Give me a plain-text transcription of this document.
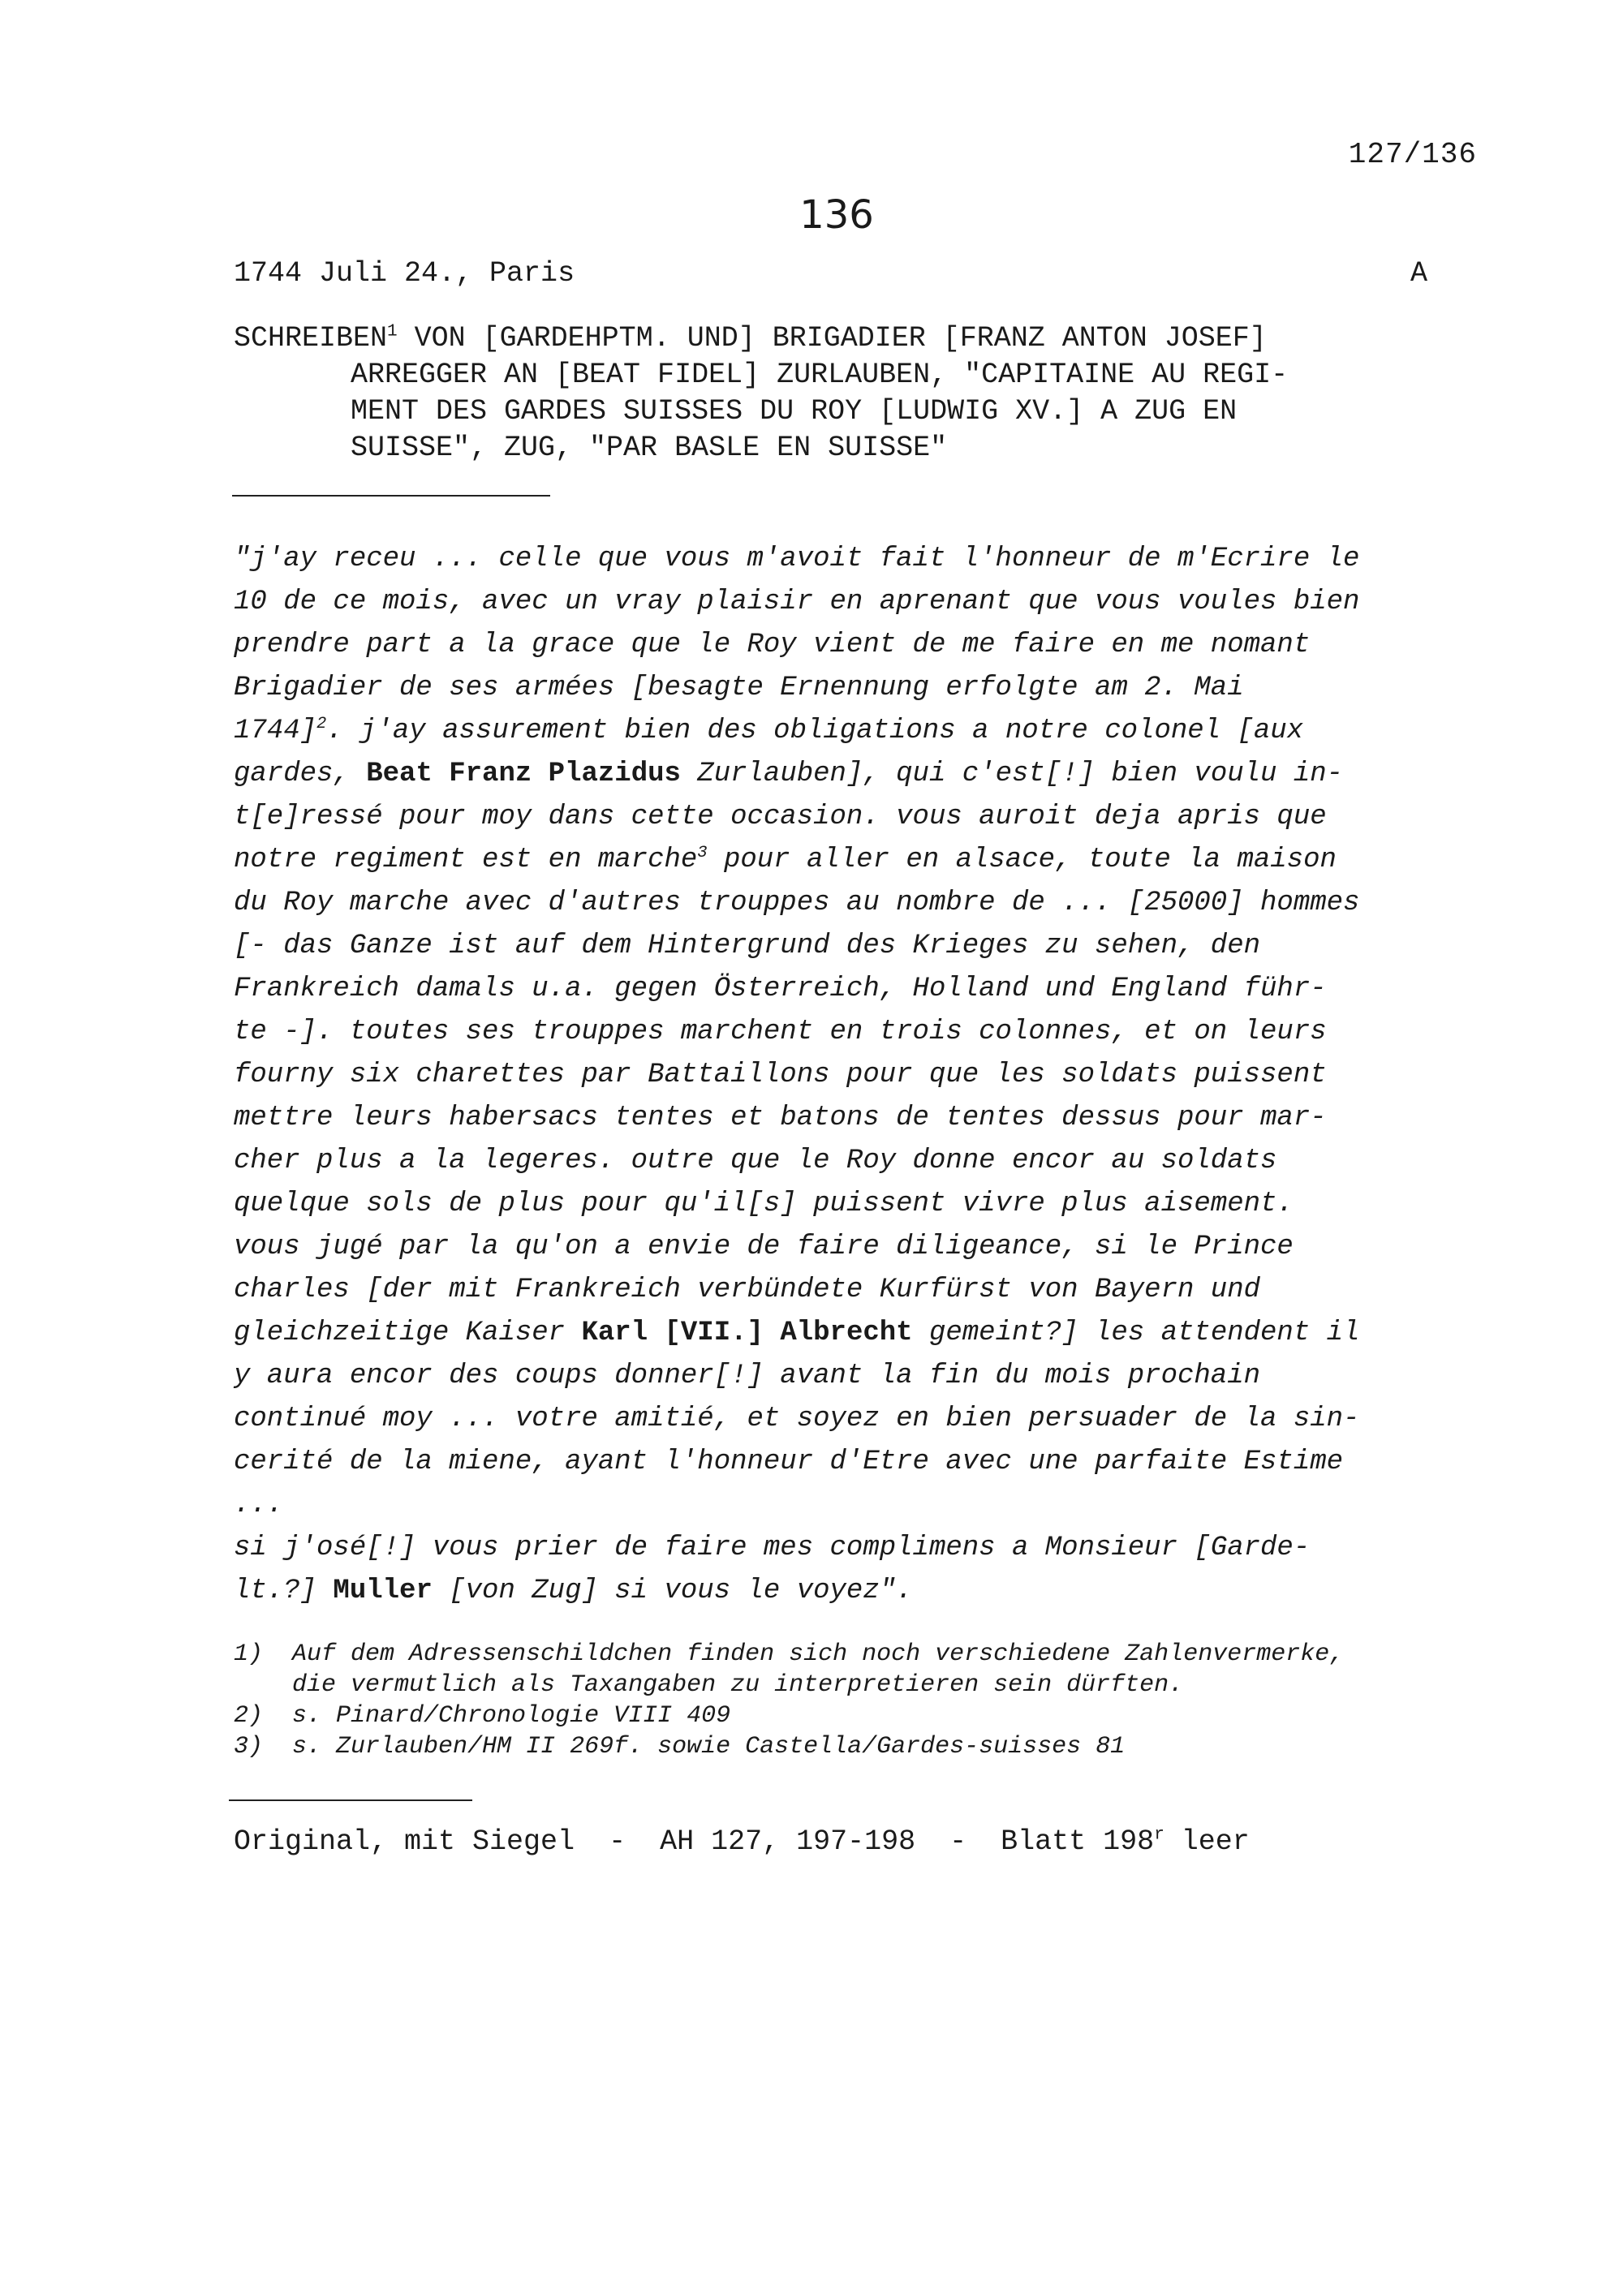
127/136
136
1744 Juli 24., Paris	A
SCHREIBEN$^1$ VON [GARDEHPTM. UND] BRIGADIER [FRANZ ANTON JOSEF]
ARREGGER AN [BEAT FIDEL] ZURLAUBEN, "CAPITAINE AU REGI-
MENT DES GARDES SUISSES DU ROY [LUDWIG XV.] A ZUG EN
SUISSE", ZUG, "PAR BASLE EN SUISSE"
"j'ay receu ... celle que vous m'avoit fait l'honneur de m'Ecrire le
10 de ce mois, avec un vray plaisir en aprenant que vous voules bien
prendre part a la grace que le Roy vient de me faire en me nomant
Brigadier de ses armées [besagte Ernennung erfolgte am 2. Mai
1744]$^2$. j'ay assurement bien des obligations a notre colonel [aux
gardes, Beat Franz Plazidus Zurlauben], qui c'est[!] bien voulu in-
t[e]ressé pour moy dans cette occasion. vous auroit deja apris que
notre regiment est en marche$^3$ pour aller en alsace, toute la maison
du Roy marche avec d'autres trouppes au nombre de ... [25000] hommes
[- das Ganze ist auf dem Hintergrund des Krieges zu sehen, den
Frankreich damals u.a. gegen Österreich, Holland und England führ-
te -]. toutes ses trouppes marchent en trois colonnes, et on leurs
fourny six charettes par Battaillons pour que les soldats puissent
mettre leurs habersacs tentes et batons de tentes dessus pour mar-
cher plus a la legeres. outre que le Roy donne encor au soldats
quelque sols de plus pour qu'il[s] puissent vivre plus aisement.
vous jugé par la qu'on a envie de faire diligeance, si le Prince
charles [der mit Frankreich verbündete Kurfürst von Bayern und
gleichzeitige Kaiser Karl [VII.] Albrecht gemeint?] les attendent il
y aura encor des coups donner[!] avant la fin du mois prochain
continué moy ... votre amitié, et soyez en bien persuader de la sin-
cerité de la miene, ayant l'honneur d'Etre avec une parfaite Estime
...
si j'osé[!] vous prier de faire mes complimens a Monsieur [Garde-
lt.?] Muller [von Zug] si vous le voyez".
1)  Auf dem Adressenschildchen finden sich noch verschiedene Zahlenvermerke,
die vermutlich als Taxangaben zu interpretieren sein dürften.
2)  s. Pinard/Chronologie VIII 409
3)  s. Zurlauben/HM II 269f. sowie Castella/Gardes-suisses 81
Original, mit Siegel  -  AH 127, 197-198  -  Blatt 198$^r$ leer
